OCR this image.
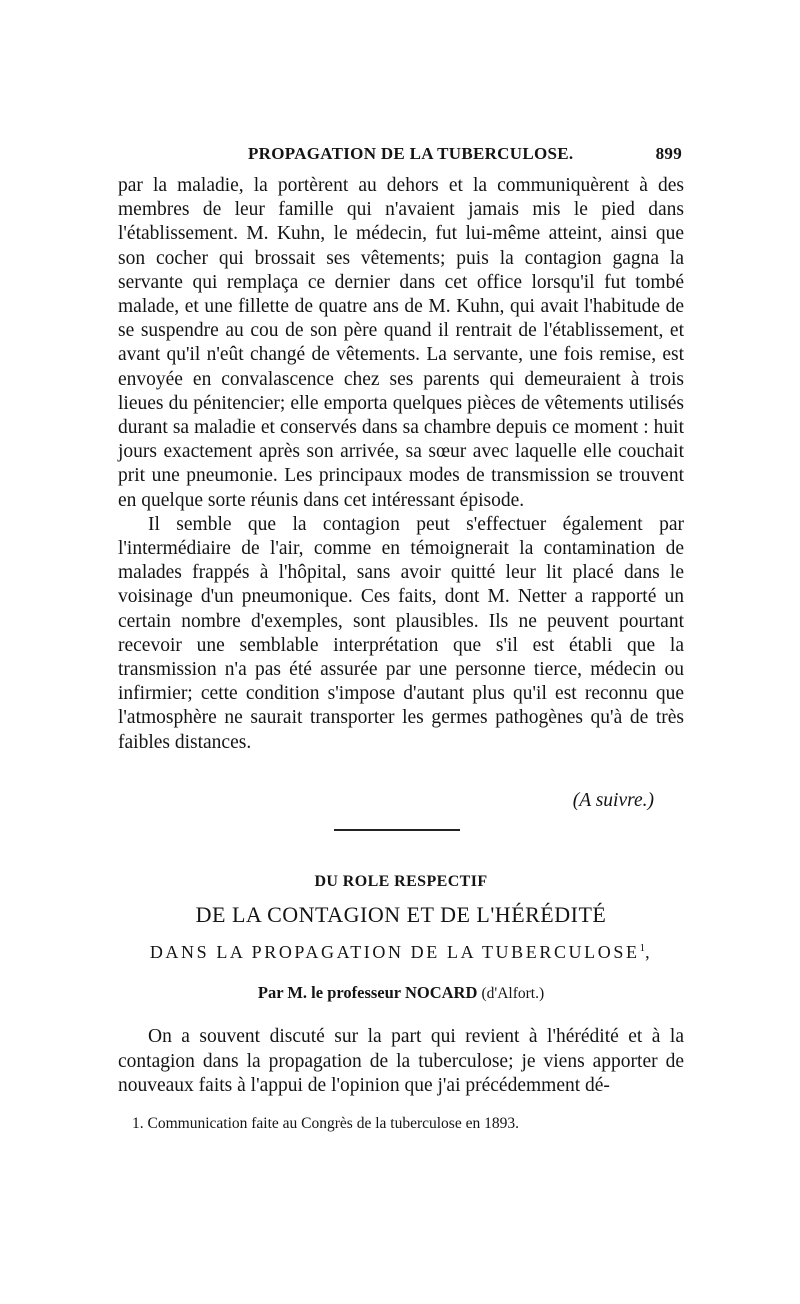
PROPAGATION DE LA TUBERCULOSE.	899

par la maladie, la portèrent au dehors et la communiquèrent à des membres de leur famille qui n'avaient jamais mis le pied dans l'établissement. M. Kuhn, le médecin, fut lui-même atteint, ainsi que son cocher qui brossait ses vêtements; puis la contagion gagna la servante qui remplaça ce dernier dans cet office lorsqu'il fut tombé malade, et une fillette de quatre ans de M. Kuhn, qui avait l'habitude de se suspendre au cou de son père quand il rentrait de l'établissement, et avant qu'il n'eût changé de vêtements. La servante, une fois remise, est envoyée en convalascence chez ses parents qui demeuraient à trois lieues du pénitencier; elle emporta quelques pièces de vêtements utilisés durant sa maladie et conservés dans sa chambre depuis ce moment : huit jours exactement après son arrivée, sa sœur avec laquelle elle couchait prit une pneumonie. Les principaux modes de transmission se trouvent en quelque sorte réunis dans cet intéressant épisode.

Il semble que la contagion peut s'effectuer également par l'intermédiaire de l'air, comme en témoignerait la contamination de malades frappés à l'hôpital, sans avoir quitté leur lit placé dans le voisinage d'un pneumonique. Ces faits, dont M. Netter a rapporté un certain nombre d'exemples, sont plausibles. Ils ne peuvent pourtant recevoir une semblable interprétation que s'il est établi que la transmission n'a pas été assurée par une personne tierce, médecin ou infirmier; cette condition s'impose d'autant plus qu'il est reconnu que l'atmosphère ne saurait transporter les germes pathogènes qu'à de très faibles distances.

(A suivre.)
DU ROLE RESPECTIF
DE LA CONTAGION ET DE L'HÉRÉDITÉ
DANS LA PROPAGATION DE LA TUBERCULOSE$^1$,
Par M. le professeur NOCARD (d'Alfort.)

On a souvent discuté sur la part qui revient à l'hérédité et à la contagion dans la propagation de la tuberculose; je viens apporter de nouveaux faits à l'appui de l'opinion que j'ai précédemment dé-

1. Communication faite au Congrès de la tuberculose en 1893.
